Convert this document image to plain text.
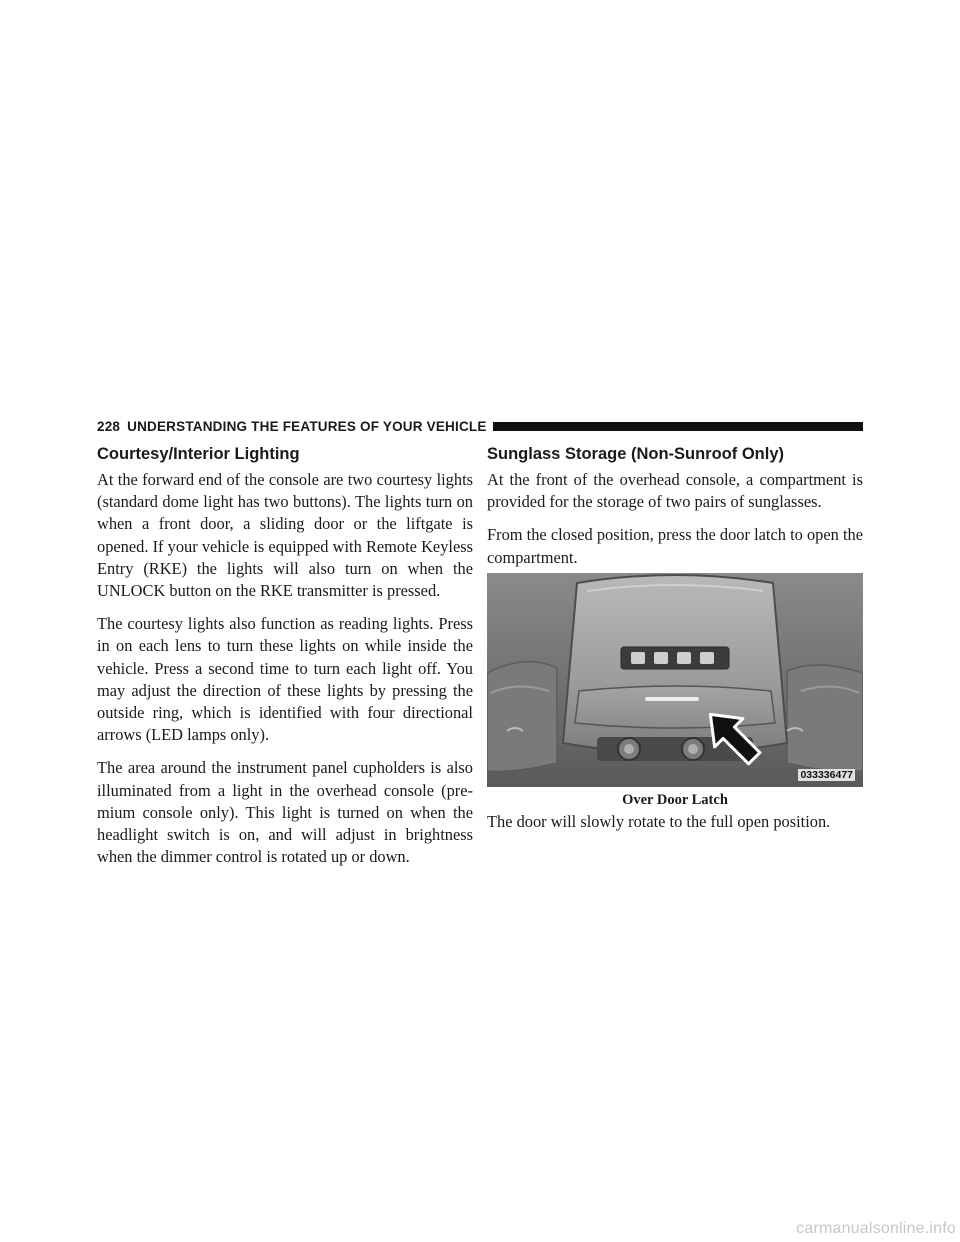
228 UNDERSTANDING THE FEATURES OF YOUR VEHICLE
Courtesy/Interior Lighting

At the forward end of the console are two courtesy lights (standard dome light has two buttons). The lights turn on when a front door, a sliding door or the liftgate is opened. If your vehicle is equipped with Remote Keyless Entry (RKE) the lights will also turn on when the UNLOCK button on the RKE transmitter is pressed.

The courtesy lights also function as reading lights. Press in on each lens to turn these lights on while inside the vehicle. Press a second time to turn each light off. You may adjust the direction of these lights by pressing the outside ring, which is identified with four directional arrows (LED lamps only).

The area around the instrument panel cupholders is also illuminated from a light in the overhead console (pre-mium console only). This light is turned on when the headlight switch is on, and will adjust in brightness when the dimmer control is rotated up or down.

Sunglass Storage (Non-Sunroof Only)

At the front of the overhead console, a compartment is provided for the storage of two pairs of sunglasses.

From the closed position, press the door latch to open the compartment.

033336477
Over Door Latch

The door will slowly rotate to the full open position.

carmanualsonline.info
